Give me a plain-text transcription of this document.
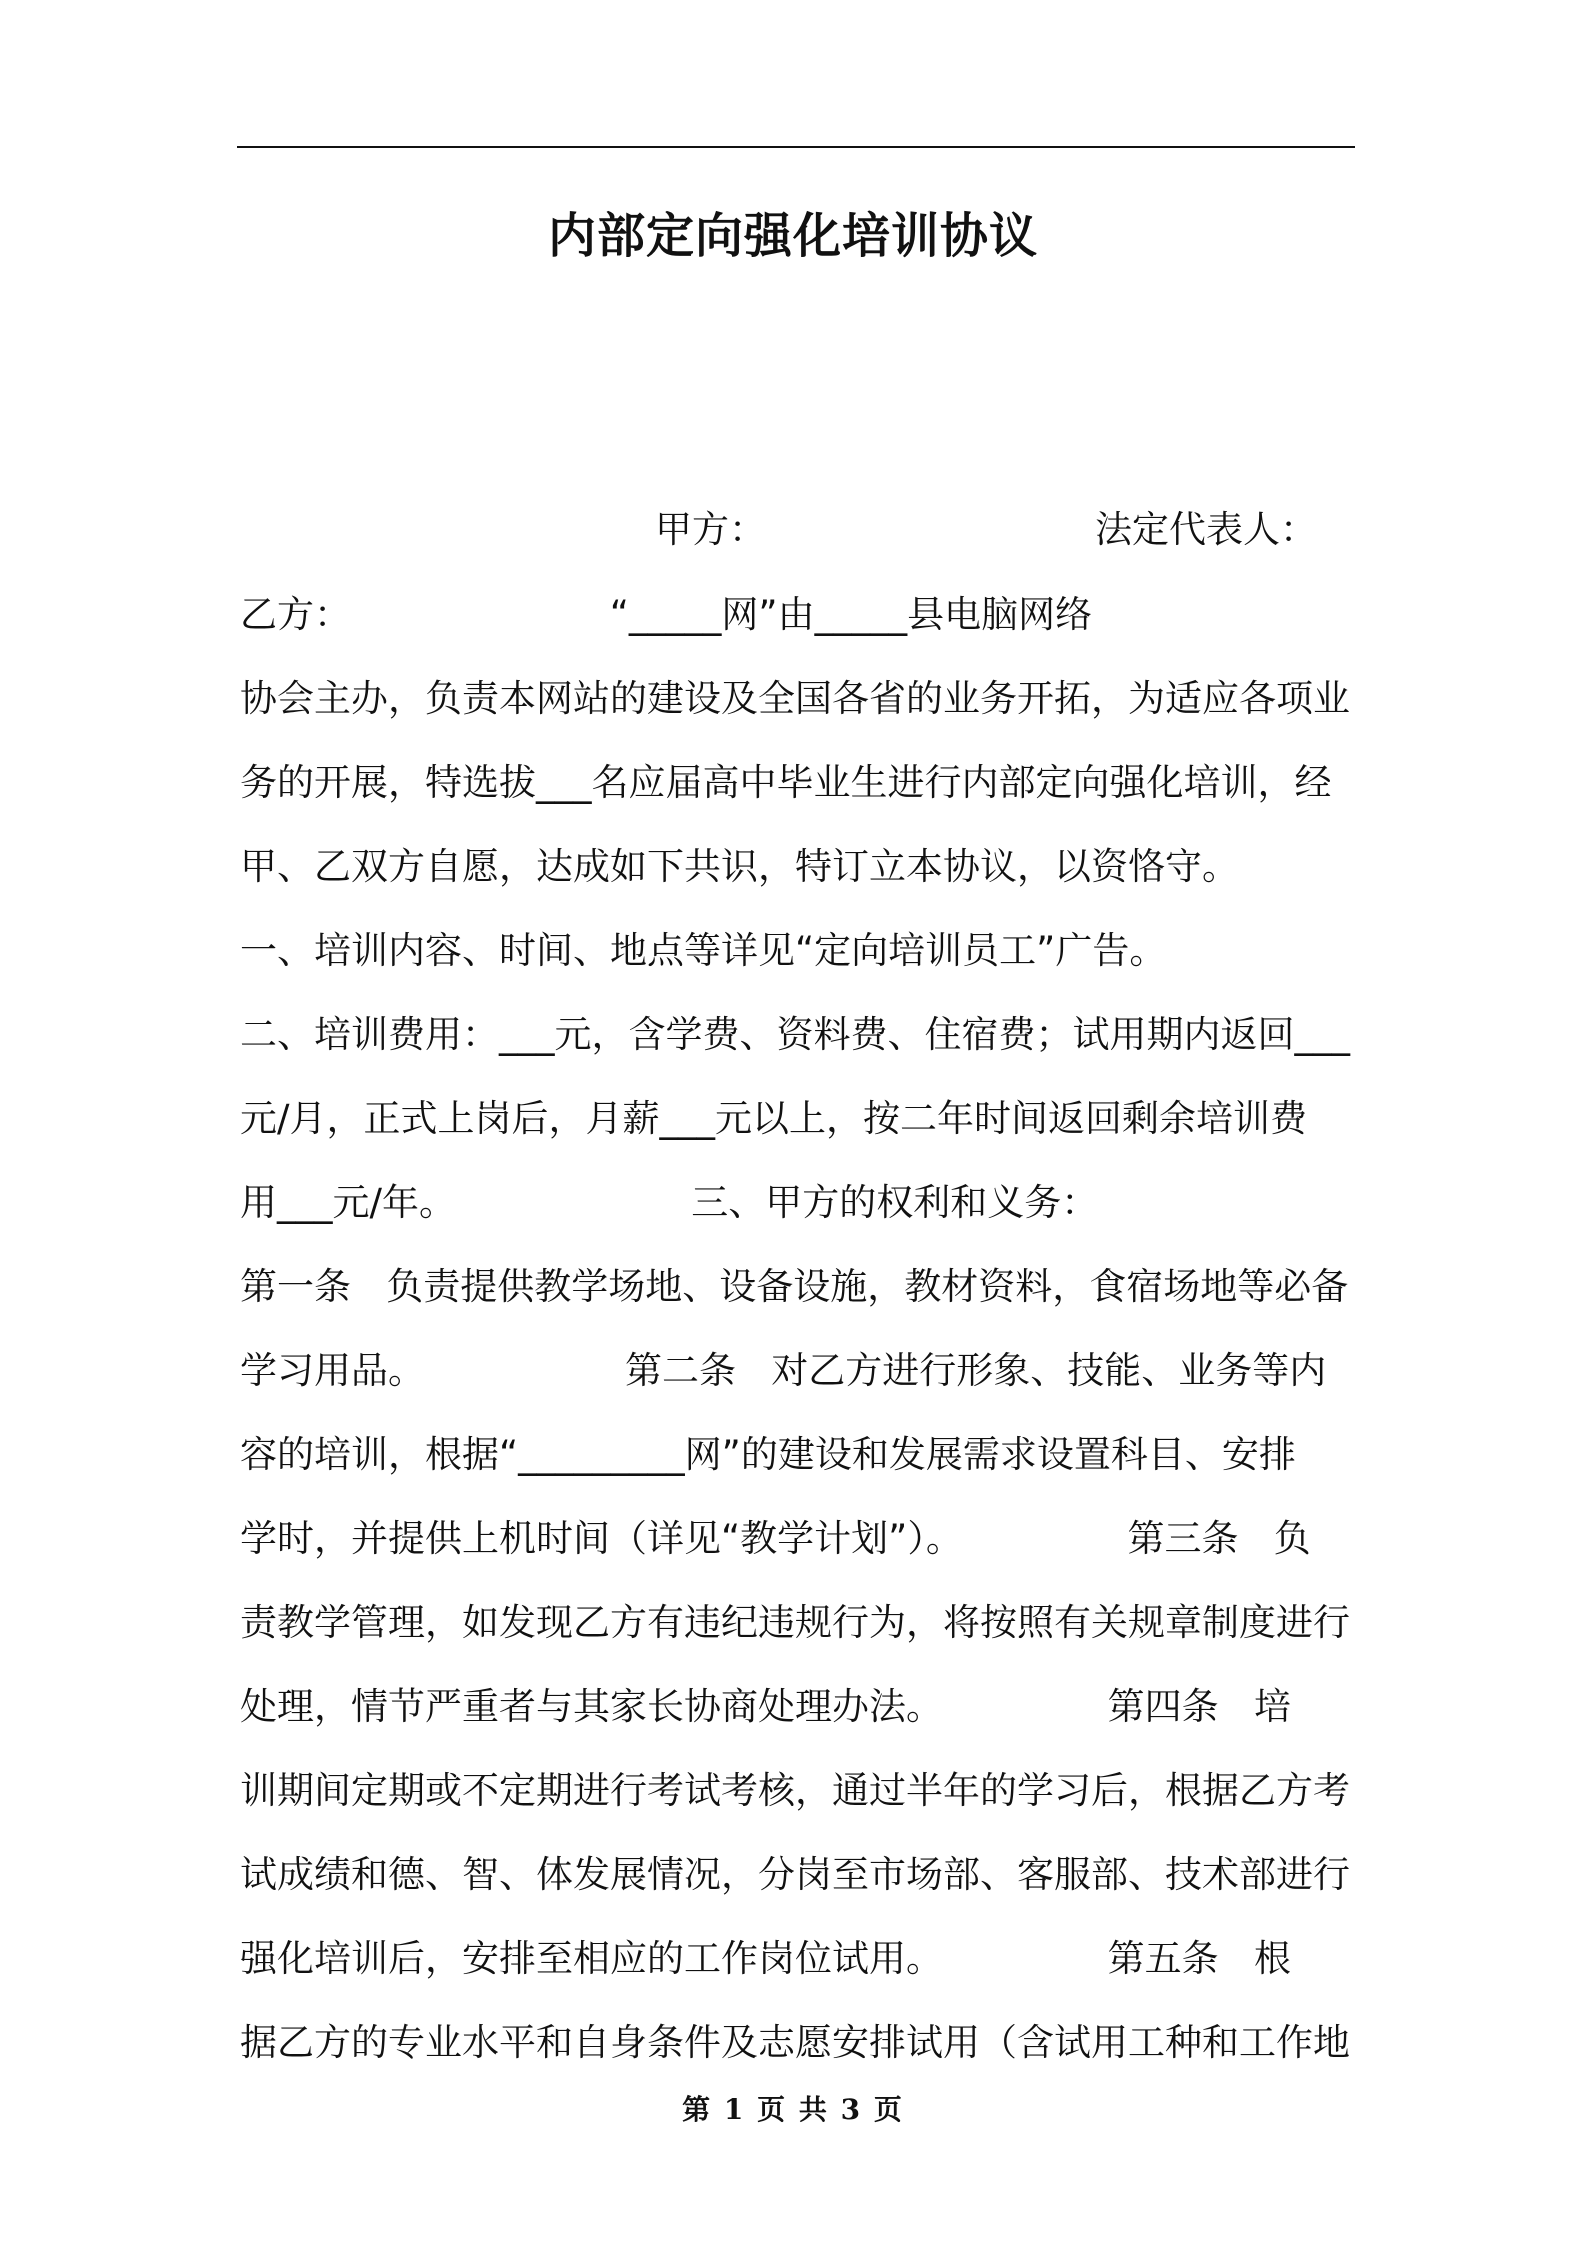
内部定向强化培训协议
甲方：	法定代表人：
乙方：                      “_____网”由_____县电脑网络
协会主办，负责本网站的建设及全国各省的业务开拓，为适应各项业
务的开展，特选拔___名应届高中毕业生进行内部定向强化培训，经
甲、乙双方自愿，达成如下共识，特订立本协议，以资恪守。
一、培训内容、时间、地点等详见“定向培训员工”广告。
二、培训费用：___元，含学费、资料费、住宿费；试用期内返回___
元/月，正式上岗后，月薪___元以上，按二年时间返回剩余培训费
用___元/年。                    三、甲方的权利和义务：
第一条   负责提供教学场地、设备设施，教材资料，食宿场地等必备
学习用品。                 第二条   对乙方进行形象、技能、业务等内
容的培训，根据“_________网”的建设和发展需求设置科目、安排
学时，并提供上机时间（详见“教学计划”）。              第三条   负
责教学管理，如发现乙方有违纪违规行为，将按照有关规章制度进行
处理，情节严重者与其家长协商处理办法。              第四条   培
训期间定期或不定期进行考试考核，通过半年的学习后，根据乙方考
试成绩和德、智、体发展情况，分岗至市场部、客服部、技术部进行
强化培训后，安排至相应的工作岗位试用。              第五条   根
据乙方的专业水平和自身条件及志愿安排试用（含试用工种和工作地
第 1 页 共 3 页
